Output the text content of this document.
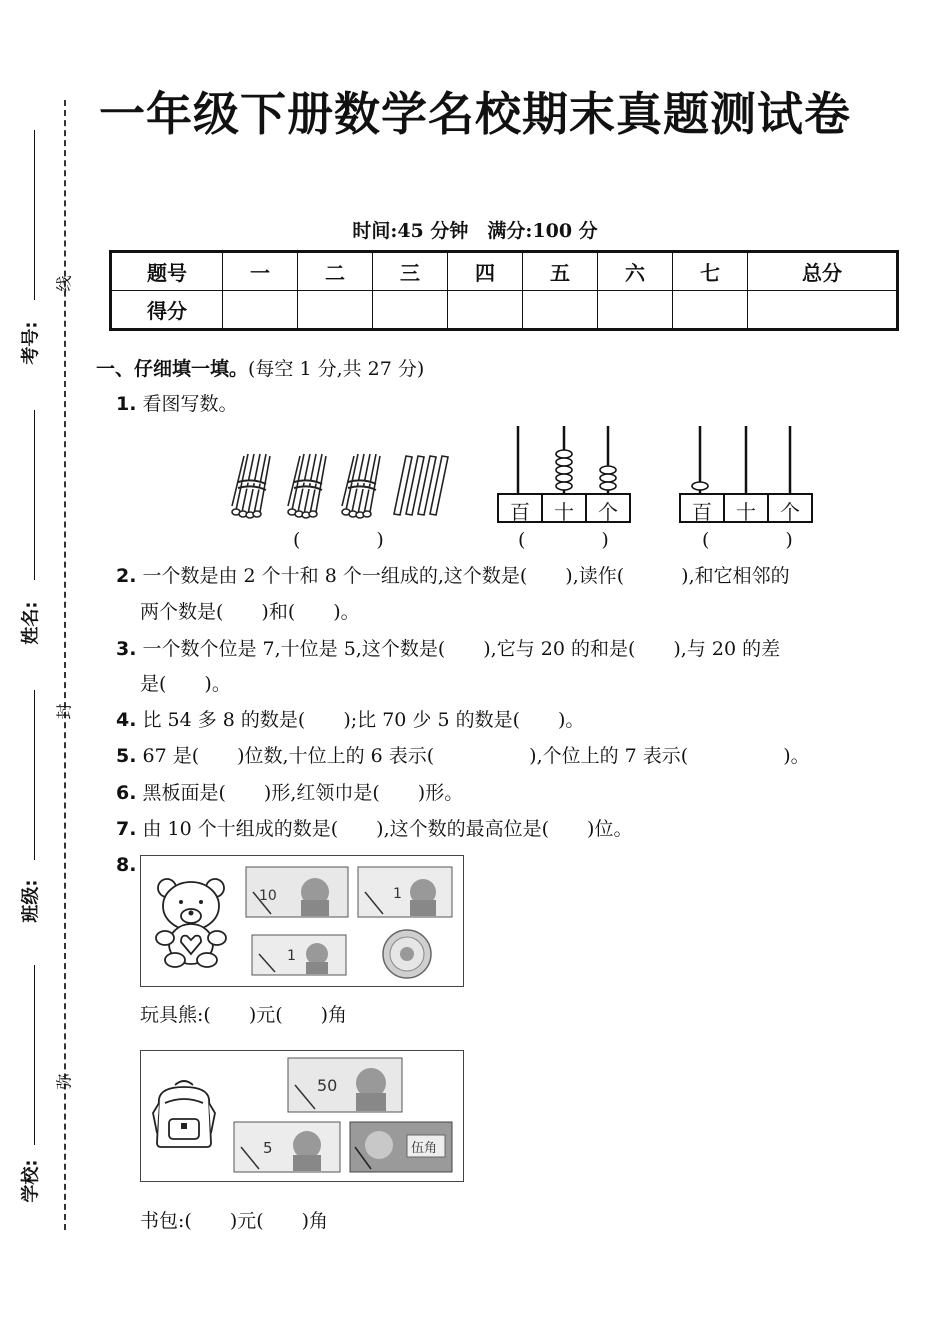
线
封
弥
考号:
姓名:
班级:
学校:
一年级下册数学名校期末真题测试卷
时间:45 分钟　满分:100 分
题号	一	二	三	四	五	六	七	总分
得分								
一、仔细填一填。(每空 1 分,共 27 分)
1. 看图写数。
百 十 个	百 十 个
(　　　　)	(　　　　)	(　　　　)
2. 一个数是由 2 个十和 8 个一组成的,这个数是(　　),读作(　　　),和它相邻的
两个数是(　　)和(　　)。
3. 一个数个位是 7,十位是 5,这个数是(　　),它与 20 的和是(　　),与 20 的差
是(　　)。
4. 比 54 多 8 的数是(　　);比 70 少 5 的数是(　　)。
5. 67 是(　　)位数,十位上的 6 表示(　　　　　),个位上的 7 表示(　　　　　)。
6. 黑板面是(　　)形,红领巾是(　　)形。
7. 由 10 个十组成的数是(　　),这个数的最高位是(　　)位。
8.
10	1
1
玩具熊:(　　)元(　　)角
50
5	伍角
书包:(　　)元(　　)角
